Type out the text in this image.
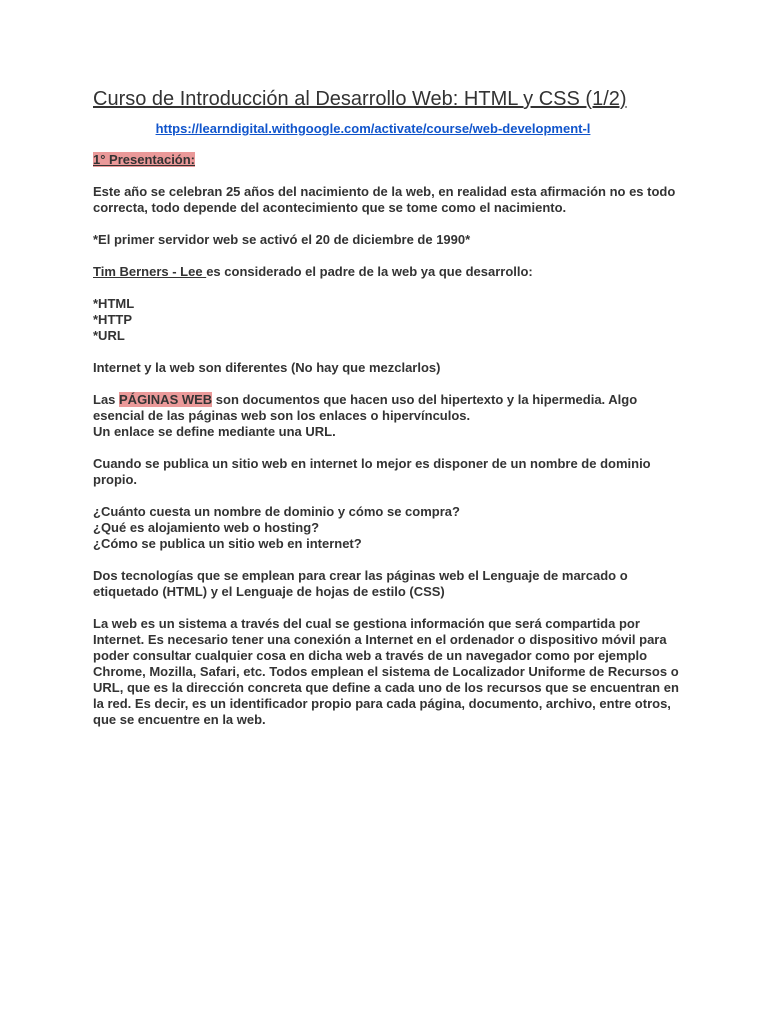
Curso de Introducción al Desarrollo Web: HTML y CSS (1/2)
https://learndigital.withgoogle.com/activate/course/web-development-l
1° Presentación:

Este año se celebran 25 años del nacimiento de la web, en realidad esta afirmación no es todo
correcta, todo depende del acontecimiento que se tome como el nacimiento.

*El primer servidor web se activó el 20 de diciembre de 1990*

Tim Berners - Lee es considerado el padre de la web ya que desarrollo:

*HTML
*HTTP
*URL

Internet y la web son diferentes (No hay que mezclarlos)

Las PÁGINAS WEB son documentos que hacen uso del hipertexto y la hipermedia. Algo
esencial de las páginas web son los enlaces o hipervínculos.
Un enlace se define mediante una URL.

Cuando se publica un sitio web en internet lo mejor es disponer de un nombre de dominio
propio.

¿Cuánto cuesta un nombre de dominio y cómo se compra?
¿Qué es alojamiento web o hosting?
¿Cómo se publica un sitio web en internet?

Dos tecnologías que se emplean para crear las páginas web el Lenguaje de marcado o
etiquetado (HTML) y el Lenguaje de hojas de estilo (CSS)

La web es un sistema a través del cual se gestiona información que será compartida por
Internet. Es necesario tener una conexión a Internet en el ordenador o dispositivo móvil para
poder consultar cualquier cosa en dicha web a través de un navegador como por ejemplo
Chrome, Mozilla, Safari, etc. Todos emplean el sistema de Localizador Uniforme de Recursos o
URL, que es la dirección concreta que define a cada uno de los recursos que se encuentran en
la red. Es decir, es un identificador propio para cada página, documento, archivo, entre otros,
que se encuentre en la web.
